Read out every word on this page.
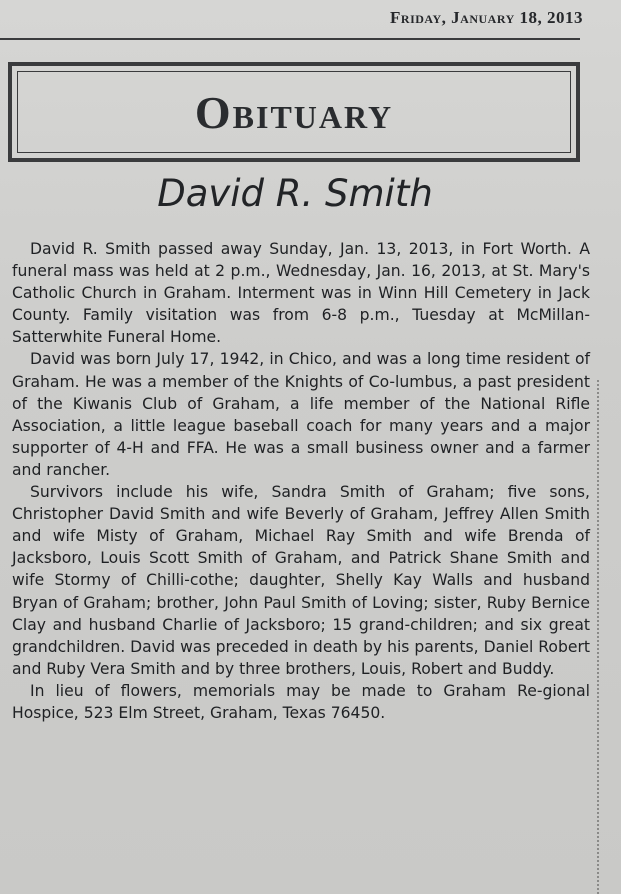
Friday, January 18, 2013
Obituary
David R. Smith

David R. Smith passed away Sunday, Jan. 13, 2013, in Fort Worth. A funeral mass was held at 2 p.m., Wednesday, Jan. 16, 2013, at St. Mary's Catholic Church in Graham. Interment was in Winn Hill Cemetery in Jack County. Family visitation was from 6-8 p.m., Tuesday at McMillan-Satterwhite Funeral Home.

David was born July 17, 1942, in Chico, and was a long time resident of Graham. He was a member of the Knights of Co-lumbus, a past president of the Kiwanis Club of Graham, a life member of the National Rifle Association, a little league baseball coach for many years and a major supporter of 4-H and FFA. He was a small business owner and a farmer and rancher.

Survivors include his wife, Sandra Smith of Graham; five sons, Christopher David Smith and wife Beverly of Graham, Jeffrey Allen Smith and wife Misty of Graham, Michael Ray Smith and wife Brenda of Jacksboro, Louis Scott Smith of Graham, and Patrick Shane Smith and wife Stormy of Chilli-cothe; daughter, Shelly Kay Walls and husband Bryan of Graham; brother, John Paul Smith of Loving; sister, Ruby Bernice Clay and husband Charlie of Jacksboro; 15 grand-children; and six great grandchildren. David was preceded in death by his parents, Daniel Robert and Ruby Vera Smith and by three brothers, Louis, Robert and Buddy.

In lieu of flowers, memorials may be made to Graham Re-gional Hospice, 523 Elm Street, Graham, Texas 76450.
